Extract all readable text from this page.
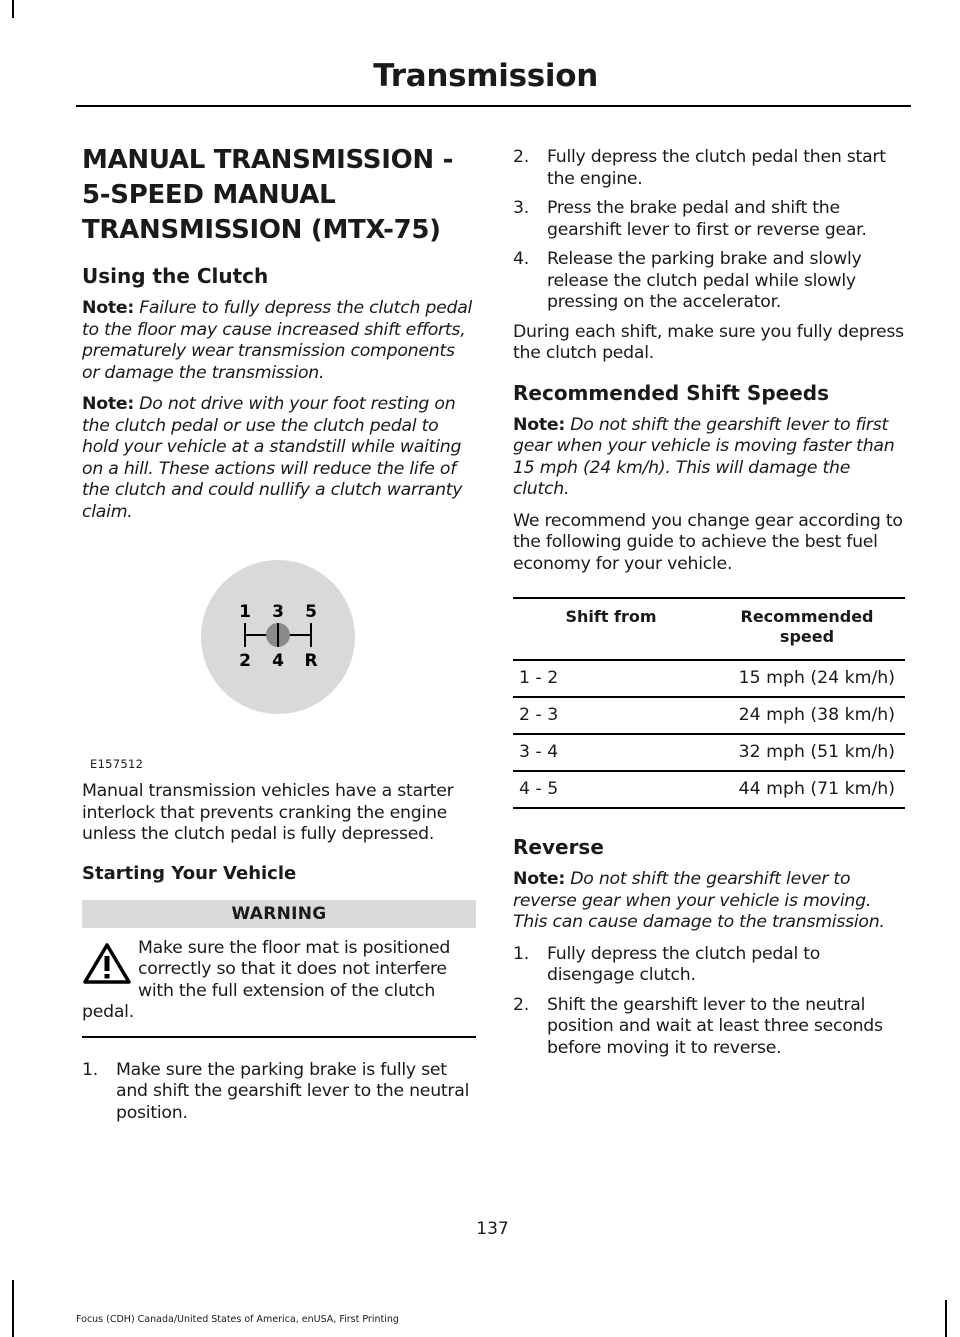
Transmission
MANUAL TRANSMISSION - 5-SPEED MANUAL TRANSMISSION (MTX-75)
Using the Clutch

Note: Failure to fully depress the clutch pedal to the floor may cause increased shift efforts, prematurely wear transmission components or damage the transmission.

Note: Do not drive with your foot resting on the clutch pedal or use the clutch pedal to hold your vehicle at a standstill while waiting on a hill. These actions will reduce the life of the clutch and could nullify a clutch warranty claim.

1 3 5
2 4 R
E157512

Manual transmission vehicles have a starter interlock that prevents cranking the engine unless the clutch pedal is fully depressed.

Starting Your Vehicle
WARNING
Make sure the floor mat is positioned correctly so that it does not interfere with the full extension of the clutch pedal.
1. Make sure the parking brake is fully set and shift the gearshift lever to the neutral position.
2. Fully depress the clutch pedal then start the engine.
3. Press the brake pedal and shift the gearshift lever to first or reverse gear.
4. Release the parking brake and slowly release the clutch pedal while slowly pressing on the accelerator.

During each shift, make sure you fully depress the clutch pedal.

Recommended Shift Speeds

Note: Do not shift the gearshift lever to first gear when your vehicle is moving faster than 15 mph (24 km/h). This will damage the clutch.

We recommend you change gear according to the following guide to achieve the best fuel economy for your vehicle.

Shift from	Recommended speed
1 - 2	15 mph (24 km/h)
2 - 3	24 mph (38 km/h)
3 - 4	32 mph (51 km/h)
4 - 5	44 mph (71 km/h)
Reverse

Note: Do not shift the gearshift lever to reverse gear when your vehicle is moving. This can cause damage to the transmission.

1. Fully depress the clutch pedal to disengage clutch.
2. Shift the gearshift lever to the neutral position and wait at least three seconds before moving it to reverse.
137
Focus (CDH) Canada/United States of America, enUSA, First Printing
